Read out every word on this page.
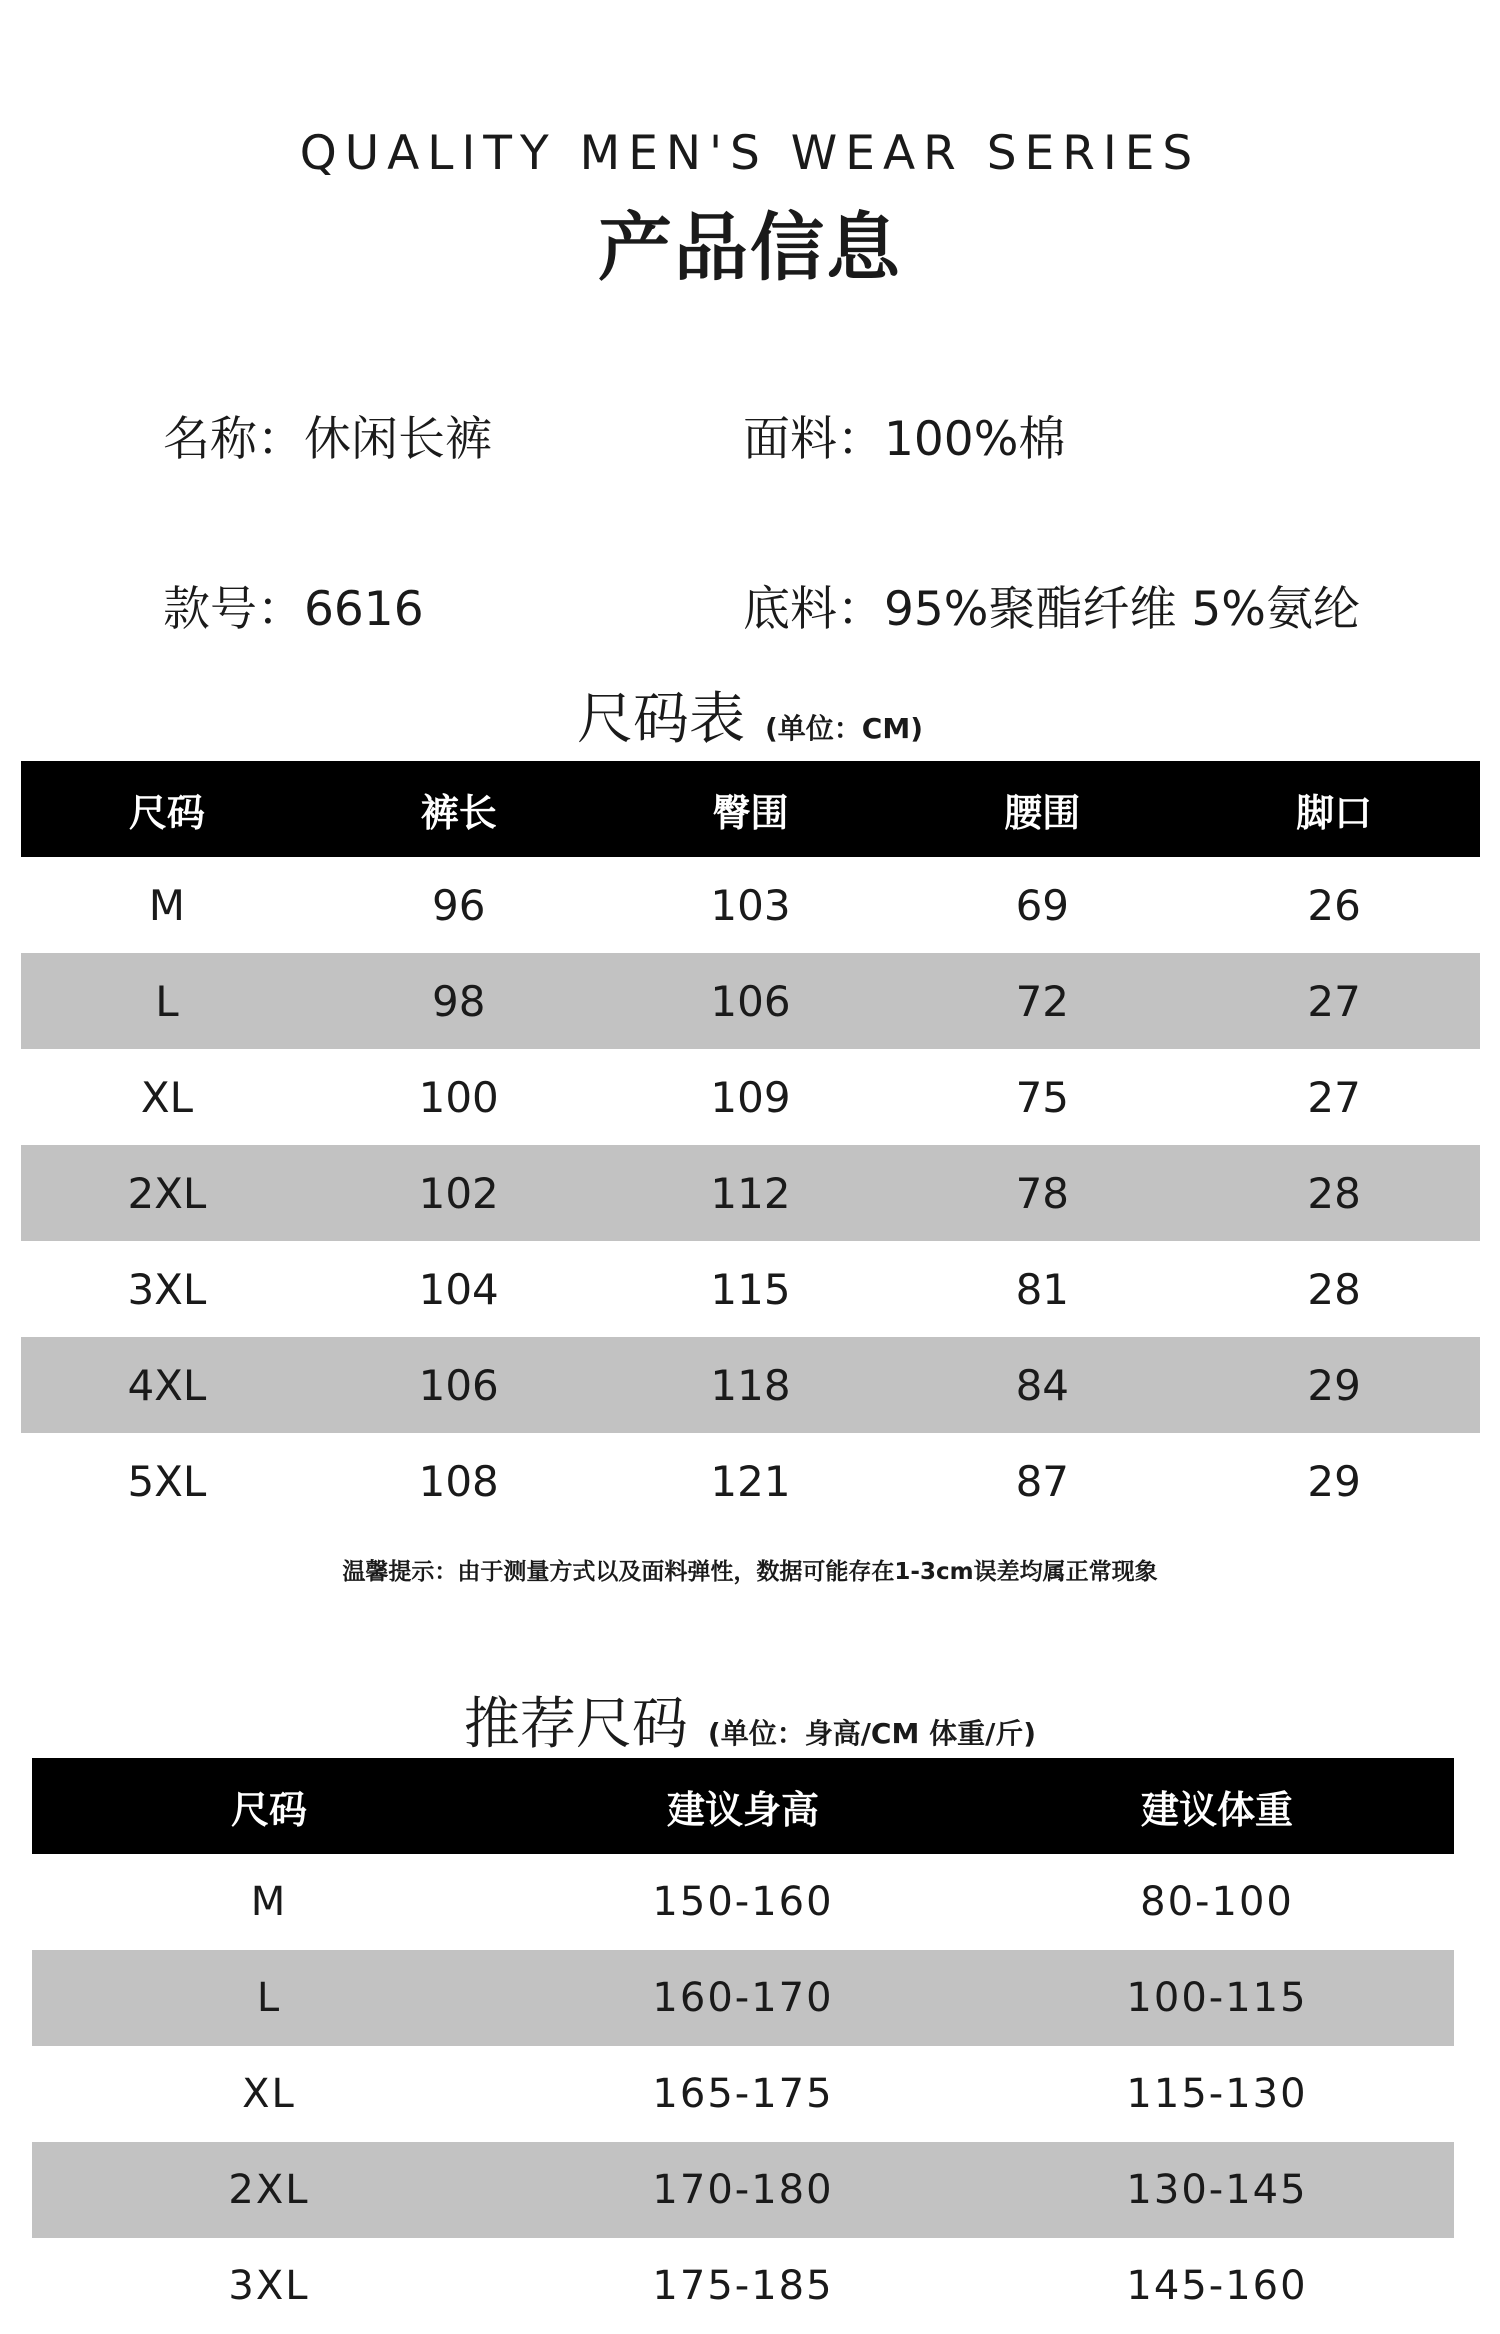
QUALITY MEN'S WEAR SERIES
产品信息
名称：休闲长裤	面料：100%棉
款号：6616	底料：95%聚酯纤维 5%氨纶
尺码表 (单位：CM)
尺码	裤长	臀围	腰围	脚口
M	96	103	69	26
L	98	106	72	27
XL	100	109	75	27
2XL	102	112	78	28
3XL	104	115	81	28
4XL	106	118	84	29
5XL	108	121	87	29
温馨提示：由于测量方式以及面料弹性，数据可能存在1-3cm误差均属正常现象
推荐尺码 (单位：身高/CM 体重/斤)
尺码	建议身高	建议体重
M	150-160	80-100
L	160-170	100-115
XL	165-175	115-130
2XL	170-180	130-145
3XL	175-185	145-160
